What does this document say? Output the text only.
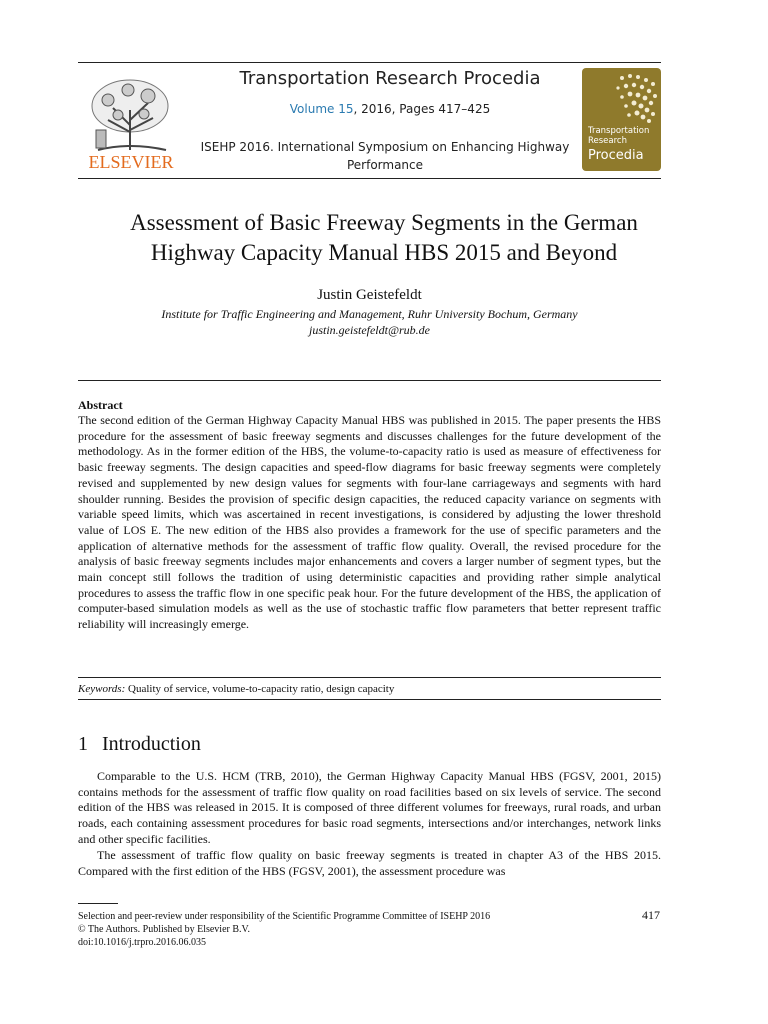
ELSEVIER
Transportation Research Procedia
Volume 15, 2016, Pages 417–425
ISEHP 2016. International Symposium on Enhancing Highway
Performance
Transportation
Research
Procedia
Assessment of Basic Freeway Segments in the German
Highway Capacity Manual HBS 2015 and Beyond
Justin Geistefeldt
Institute for Traffic Engineering and Management, Ruhr University Bochum, Germany
justin.geistefeldt@rub.de
Abstract
The second edition of the German Highway Capacity Manual HBS was published in 2015. The paper presents the HBS procedure for the assessment of basic freeway segments and discusses challenges for the future development of the methodology. As in the former edition of the HBS, the volume-to-capacity ratio is used as measure of effectiveness for basic freeway segments. The design capacities and speed-flow diagrams for basic freeway segments were completely revised and supplemented by new design values for segments with four-lane carriageways and segments with hard shoulder running. Besides the provision of specific design capacities, the reduced capacity variance on segments with variable speed limits, which was ascertained in recent investigations, is considered by adjusting the lower threshold value of LOS E. The new edition of the HBS also provides a framework for the use of specific parameters and the application of alternative methods for the assessment of traffic flow quality. Overall, the revised procedure for the analysis of basic freeway segments includes major enhancements and covers a larger number of segment types, but the main concept still follows the tradition of using deterministic capacities and providing rather simple analytical procedures to assess the traffic flow in one specific peak hour. For the future development of the HBS, the application of computer-based simulation models as well as the use of stochastic traffic flow parameters that better represent traffic reliability will increasingly emerge.
Keywords: Quality of service, volume-to-capacity ratio, design capacity
1 Introduction
Comparable to the U.S. HCM (TRB, 2010), the German Highway Capacity Manual HBS (FGSV, 2001, 2015) contains methods for the assessment of traffic flow quality on road facilities based on six levels of service. The second edition of the HBS was released in 2015. It is composed of three different volumes for freeways, rural roads, and urban roads, each containing assessment procedures for basic road segments, intersections and/or interchanges, network links and other specific facilities.
The assessment of traffic flow quality on basic freeway segments is treated in chapter A3 of the HBS 2015. Compared with the first edition of the HBS (FGSV, 2001), the assessment procedure was
Selection and peer-review under responsibility of the Scientific Programme Committee of ISEHP 2016
© The Authors. Published by Elsevier B.V.
doi:10.1016/j.trpro.2016.06.035
417
